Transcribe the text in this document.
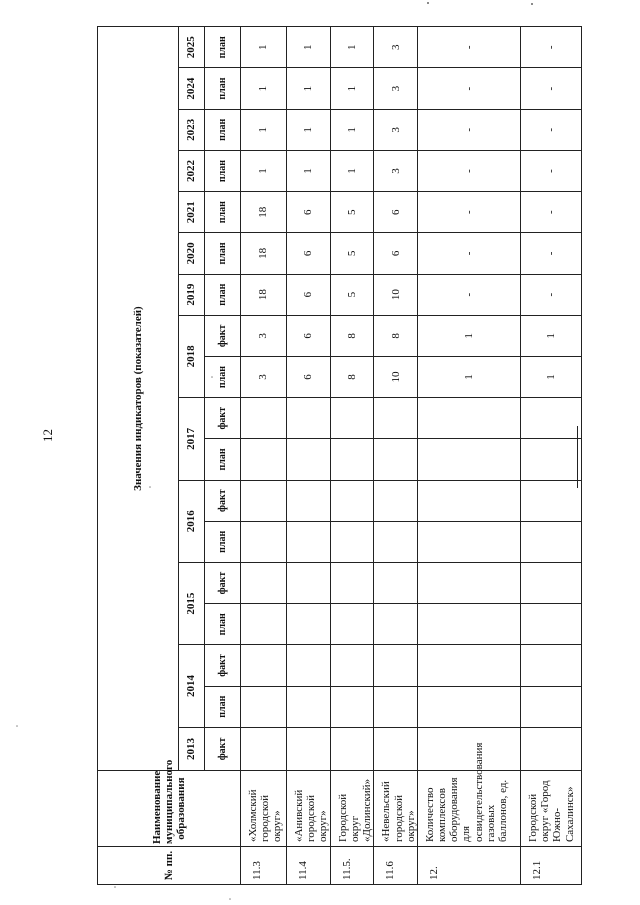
12
№ пп.	Наименование муниципального образования	Значения индикаторов (показателей)																	
		2013	2014		2015		2016		2017		2018		2019	2020	2021	2022	2023	2024	2025
		факт	план	факт	план	факт	план	факт	план	факт	план	факт	план	план	план	план	план	план	план
11.3	«Холмский городской округ»										3	3	18	18	18	1	1	1	1
11.4	«Анивский городской округ»										6	6	6	6	6	1	1	1	1
11.5.	Городской округ «Долинский»										8	8	5	5	5	1	1	1	1
11.6	«Невельский городской округ»										10	8	10	6	6	3	3	3	3
12.	Количество комплексов оборудования для освидетельствования газовых баллонов, ед.										1	1	-	-	-	-	-	-	-
12.1	Городской округ «Город Южно-Сахалинск»										1	1	-	-	-	-	-	-	-
